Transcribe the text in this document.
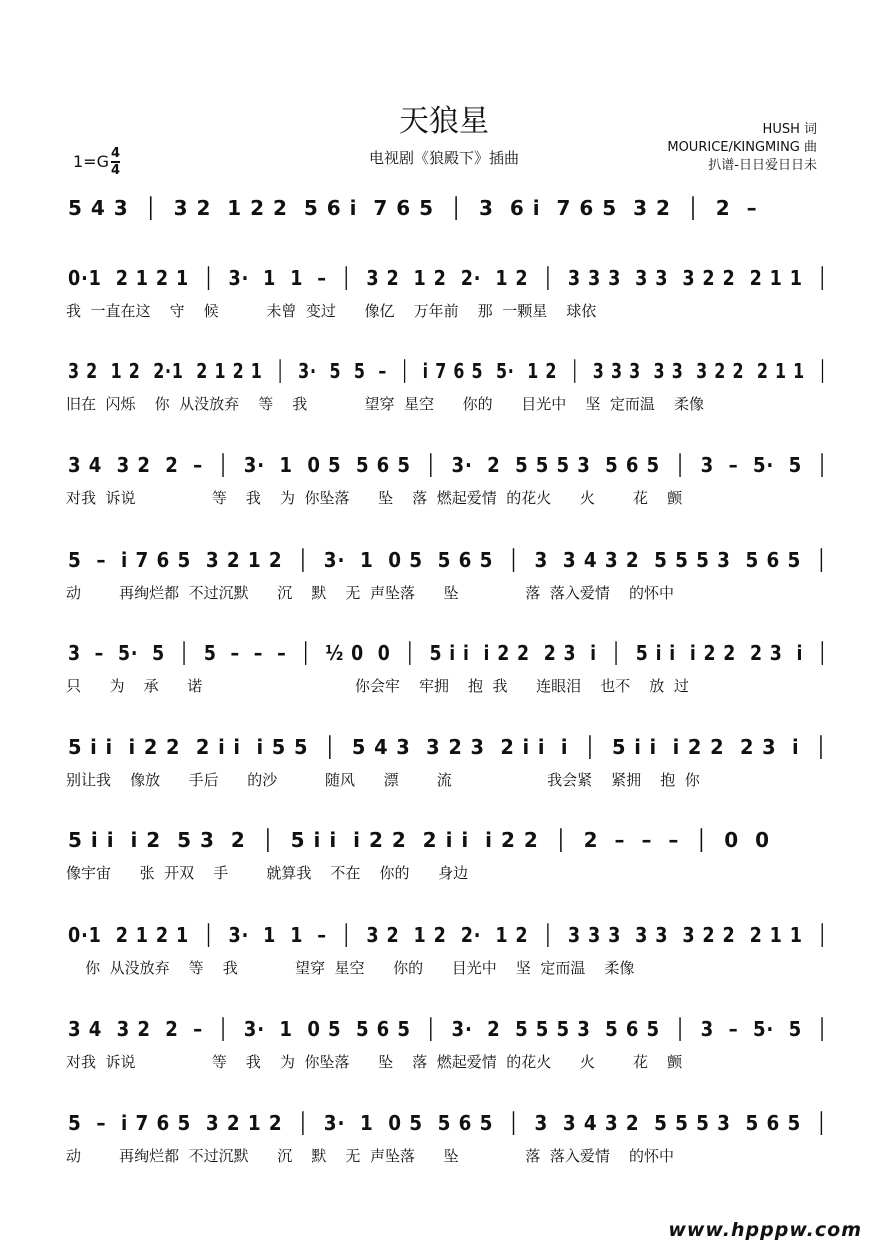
天狼星
电视剧《狼殿下》插曲
$1=G \frac{4}{4}$
HUSH 词
MOURICE/KINGMING 曲
扒谱-日日爱日日未
5 4 3  │  3 2  1 2 2  5 6 i  7 6 5  │  3  6 i  7 6 5  3 2  │  2  –
0·1  2 1 2 1  │  3·  1  1  –  │  3 2  1 2  2·  1 2  │  3 3 3  3 3  3 2 2  2 1 1  │
我  一直在这    守    候          未曾  变过      像亿    万年前    那  一颗星    球依
3 2  1 2  2·1  2 1 2 1  │  3·  5  5  –  │  i 7 6 5  5·  1 2  │  3 3 3  3 3  3 2 2  2 1 1  │
旧在  闪烁    你  从没放弃    等    我            望穿  星空      你的      目光中    坚  定而温    柔像
3 4  3 2  2  –  │  3·  1  0 5  5 6 5  │  3·  2  5 5 5 3  5 6 5  │  3  –  5·  5  │
对我  诉说                等    我    为  你坠落      坠    落  燃起爱情  的花火      火        花    颤
5  –  i 7 6 5  3 2 1 2  │  3·  1  0 5  5 6 5  │  3  3 4 3 2  5 5 5 3  5 6 5  │
动        再绚烂都  不过沉默      沉    默    无  声坠落      坠              落  落入爱情    的怀中
3  –  5·  5  │  5  –  –  –  │  ½ 0  0  │  5 i i  i 2 2  2 3  i  │  5 i i  i 2 2  2 3  i  │
只      为    承      诺                                你会牢    牢拥    抱  我      连眼泪    也不    放  过
5 i i  i 2 2  2 i i  i 5 5  │  5 4 3  3 2 3  2 i i  i  │  5 i i  i 2 2  2 3  i  │
别让我    像放      手后      的沙          随风      漂        流                    我会紧    紧拥    抱  你
5 i i  i 2  5 3  2  │  5 i i  i 2 2  2 i i  i 2 2  │  2  –  –  –  │  0  0
像宇宙      张  开双    手        就算我    不在    你的      身边
0·1  2 1 2 1  │  3·  1  1  –  │  3 2  1 2  2·  1 2  │  3 3 3  3 3  3 2 2  2 1 1  │
你  从没放弃    等    我            望穿  星空      你的      目光中    坚  定而温    柔像
3 4  3 2  2  –  │  3·  1  0 5  5 6 5  │  3·  2  5 5 5 3  5 6 5  │  3  –  5·  5  │
对我  诉说                等    我    为  你坠落      坠    落  燃起爱情  的花火      火        花    颤
5  –  i 7 6 5  3 2 1 2  │  3·  1  0 5  5 6 5  │  3  3 4 3 2  5 5 5 3  5 6 5  │
动        再绚烂都  不过沉默      沉    默    无  声坠落      坠              落  落入爱情    的怀中
www.hpppw.com
